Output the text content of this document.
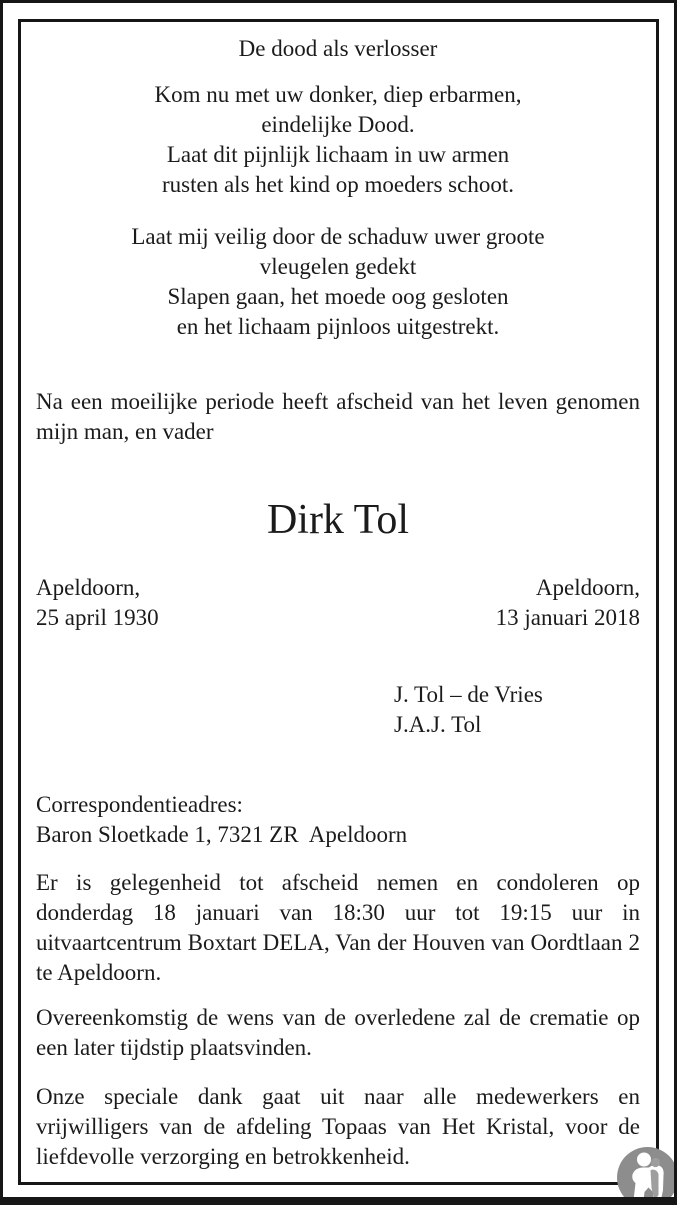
De dood als verlosser
Kom nu met uw donker, diep erbarmen,
eindelijke Dood.
Laat dit pijnlijk lichaam in uw armen
rusten als het kind op moeders schoot.
Laat mij veilig door de schaduw uwer groote
vleugelen gedekt
Slapen gaan, het moede oog gesloten
en het lichaam pijnloos uitgestrekt.

Na een moeilijke periode heeft afscheid van het leven genomen mijn man, en vader

Dirk Tol
Apeldoorn,
25 april 1930
Apeldoorn,
13 januari 2018
J. Tol – de Vries
J.A.J. Tol
Correspondentieadres:
Baron Sloetkade 1, 7321 ZR  Apeldoorn

Er is gelegenheid tot afscheid nemen en condoleren op donderdag 18 januari van 18:30 uur tot 19:15 uur in uitvaartcentrum Boxtart DELA, Van der Houven van Oordtlaan 2 te Apeldoorn.

Overeenkomstig de wens van de overledene zal de crematie op een later tijdstip plaatsvinden.

Onze speciale dank gaat uit naar alle medewerkers en vrijwilligers van de afdeling Topaas van Het Kristal, voor de liefdevolle verzorging en betrokkenheid.
